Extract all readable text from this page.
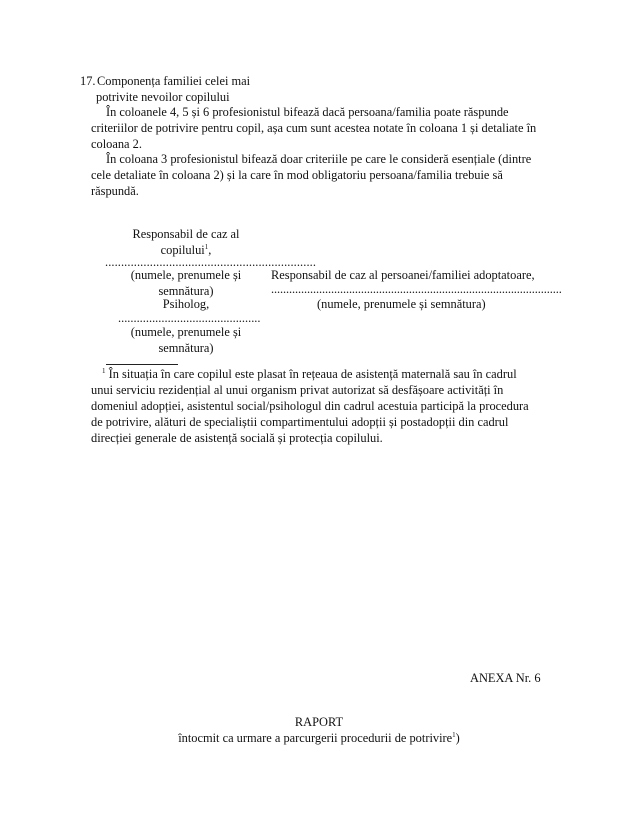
17. Componența familiei celei mai
potrivite nevoilor copilului
În coloanele 4, 5 și 6 profesionistul bifează dacă persoana/familia poate răspunde
criteriilor de potrivire pentru copil, așa cum sunt acestea notate în coloana 1 și detaliate în
coloana 2.
În coloana 3 profesionistul bifează doar criteriile pe care le consideră esențiale (dintre
cele detaliate în coloana 2) și la care în mod obligatoriu persoana/familia trebuie să
răspundă.
Responsabil de caz al
copilului$^1$,
..................................................................
(numele, prenumele și
semnătura)
Responsabil de caz al persoanei/familiei adoptatoare,
.................................................................................................
(numele, prenumele și semnătura)
Psiholog,
..............................................
(numele, prenumele și
semnătura)
$^1$ În situația în care copilul este plasat în rețeaua de asistență maternală sau în cadrul
unui serviciu rezidențial al unui organism privat autorizat să desfășoare activități în
domeniul adopției, asistentul social/psihologul din cadrul acestuia participă la procedura
de potrivire, alături de specialiștii compartimentului adopții și postadopții din cadrul
direcției generale de asistență socială și protecția copilului.
ANEXA Nr. 6
RAPORT
întocmit ca urmare a parcurgerii procedurii de potrivire$^1$)
